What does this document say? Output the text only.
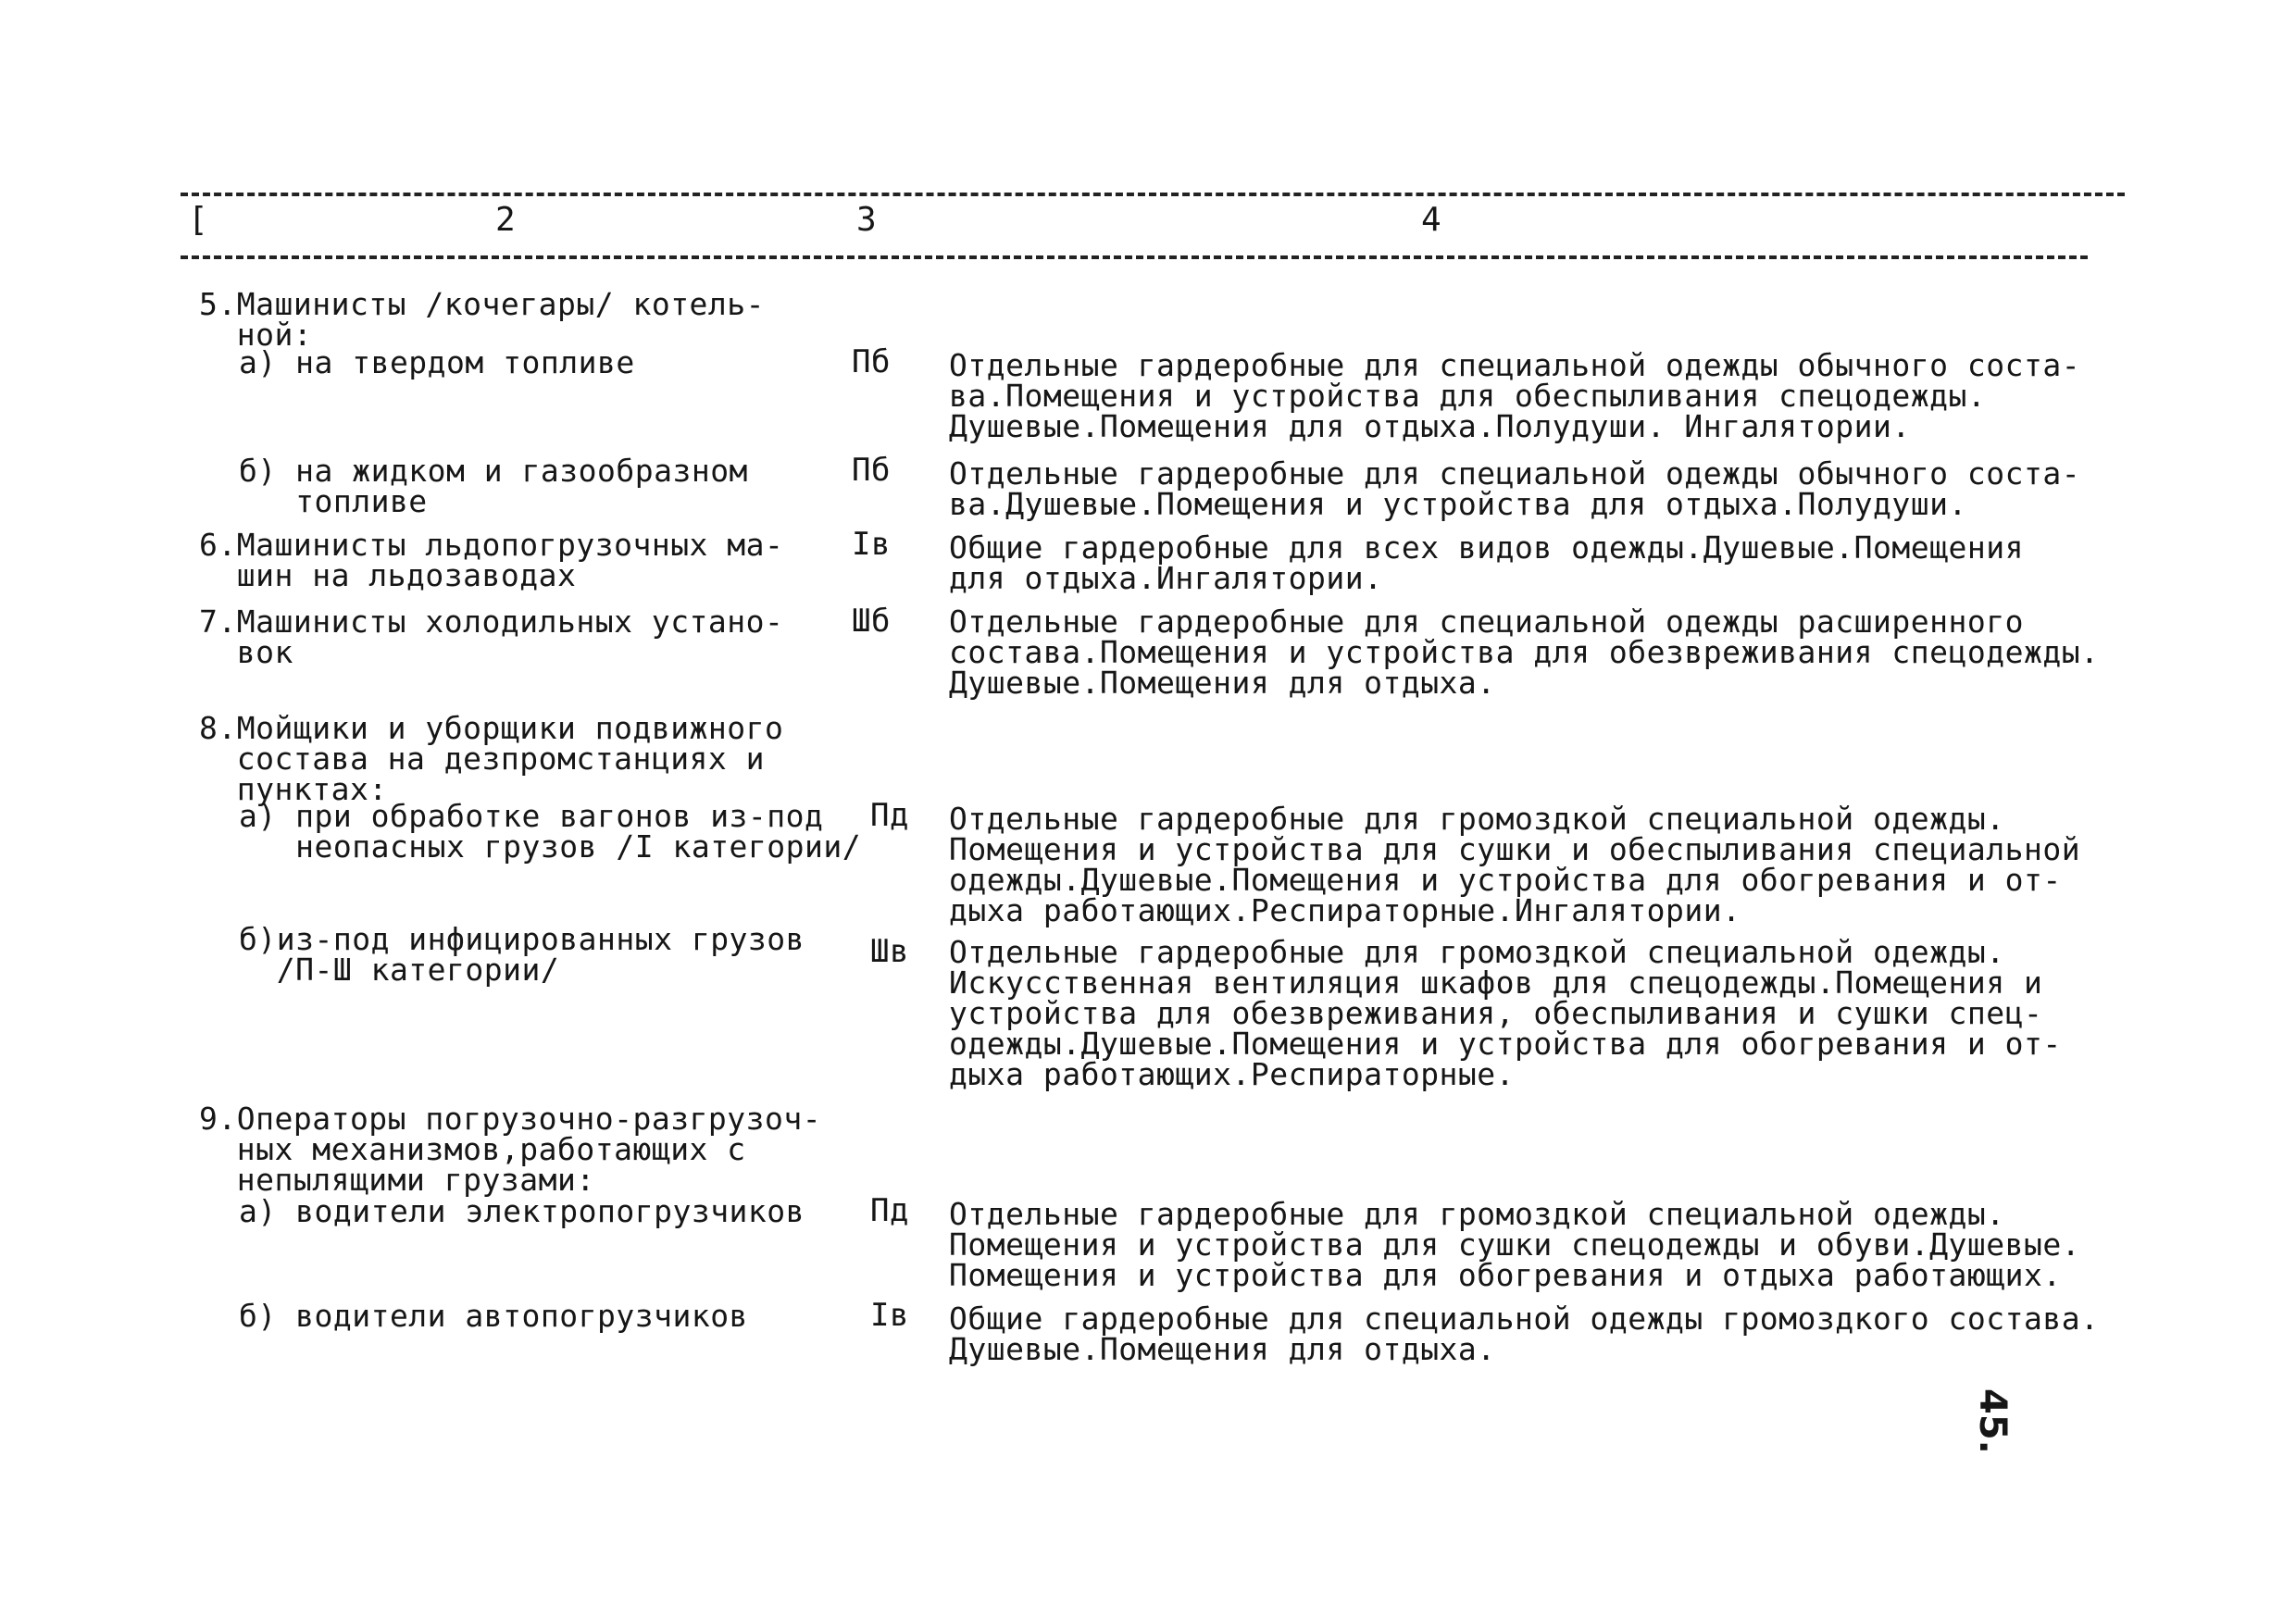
[	2	3	4
5.Машинисты /кочегары/ котель-
ной:
а) на твердом топливе	Пб Отдельные гардеробные для специальной одежды обычного соста-
ва.Помещения и устройства для обеспыливания спецодежды.
Душевые.Помещения для отдыха.Полудуши. Ингалятории.
б) на жидком и газообразном
топливе
Пб Отдельные гардеробные для специальной одежды обычного соста-
ва.Душевые.Помещения и устройства для отдыха.Полудуши.
6.Машинисты льдопогрузочных ма-
шин на льдозаводах
Iв Общие гардеробные для всех видов одежды.Душевые.Помещения
для отдыха.Ингалятории.
7.Машинисты холодильных устано-
вок
Шб Отдельные гардеробные для специальной одежды расширенного
состава.Помещения и устройства для обезвреживания спецодежды.
Душевые.Помещения для отдыха.
8.Мойщики и уборщики подвижного
состава на дезпромстанциях и
пунктах:
а) при обработке вагонов из-под
неопасных грузов /I категории/
Пд Отдельные гардеробные для громоздкой специальной одежды.
Помещения и устройства для сушки и обеспыливания специальной
одежды.Душевые.Помещения и устройства для обогревания и от-
дыха работающих.Респираторные.Ингалятории.
б)из-под инфицированных грузов
/П-Ш категории/	Шв Отдельные гардеробные для громоздкой специальной одежды.
Искусственная вентиляция шкафов для спецодежды.Помещения и
устройства для обезвреживания, обеспыливания и сушки спец-
одежды.Душевые.Помещения и устройства для обогревания и от-
дыха работающих.Респираторные.
9.Операторы погрузочно-разгрузоч-
ных механизмов,работающих с
непылящими грузами:
а) водители электропогрузчиков Пд Отдельные гардеробные для громоздкой специальной одежды.
Помещения и устройства для сушки спецодежды и обуви.Душевые.
Помещения и устройства для обогревания и отдыха работающих.
б) водители автопогрузчиков	Iв Общие гардеробные для специальной одежды громоздкого состава.
Душевые.Помещения для отдыха.
45.
